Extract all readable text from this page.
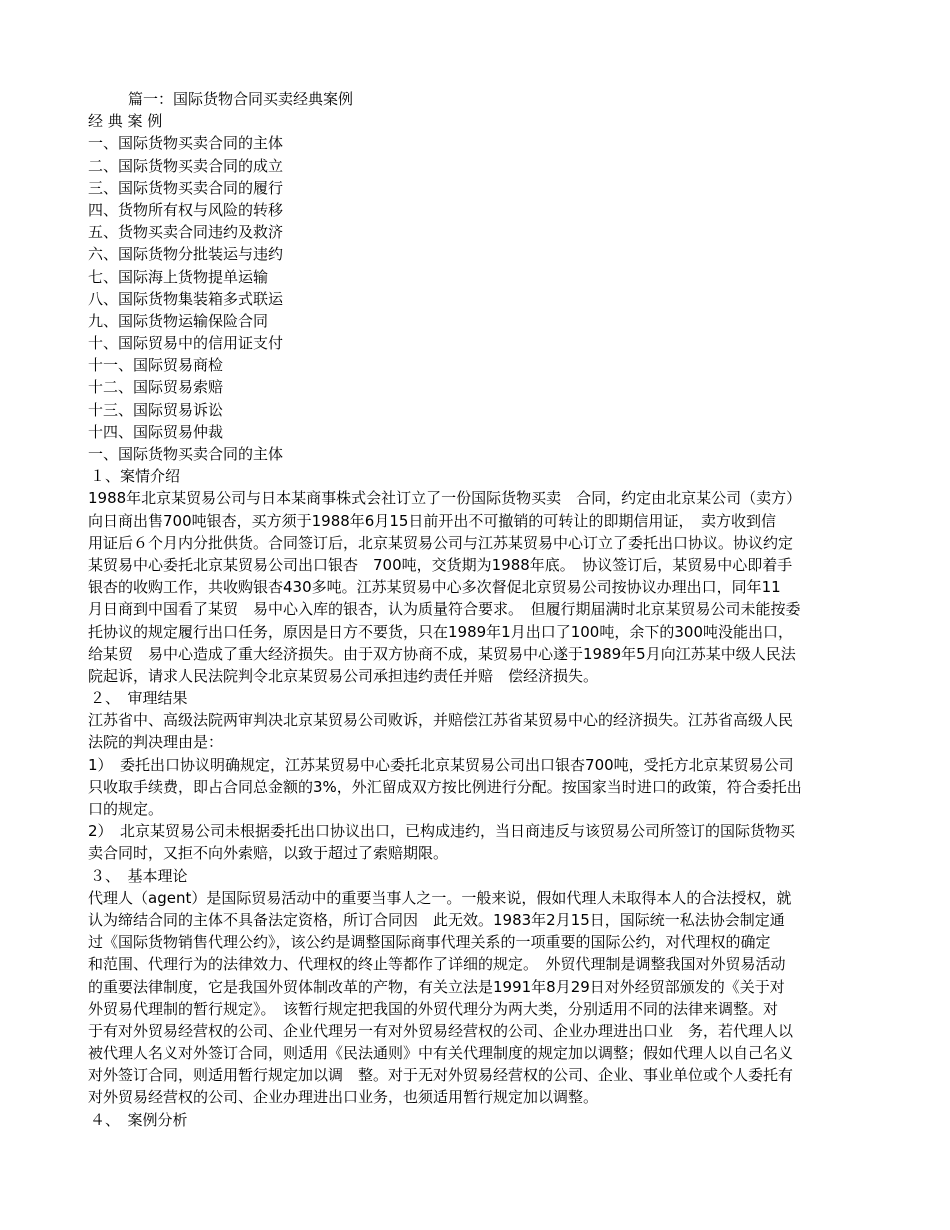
篇一：国际货物合同买卖经典案例
经 典 案 例
一、国际货物买卖合同的主体
二、国际货物买卖合同的成立
三、国际货物买卖合同的履行
四、货物所有权与风险的转移
五、货物买卖合同违约及救济
六、国际货物分批装运与违约
七、国际海上货物提单运输
八、国际货物集装箱多式联运
九、国际货物运输保险合同
十、国际贸易中的信用证支付
十一、国际贸易商检
十二、国际贸易索赔
十三、国际贸易诉讼
十四、国际贸易仲裁
一、国际货物买卖合同的主体
１、案情介绍
1988年北京某贸易公司与日本某商事株式会社订立了一份国际货物买卖　合同，约定由北京某公司（卖方）
向日商出售700吨银杏，买方须于1988年6月15日前开出不可撤销的可转让的即期信用证，　卖方收到信
用证后６个月内分批供货。合同签订后，北京某贸易公司与江苏某贸易中心订立了委托出口协议。协议约定
某贸易中心委托北京某贸易公司出口银杏　700吨，交货期为1988年底。　协议签订后，某贸易中心即着手
银杏的收购工作，共收购银杏430多吨。江苏某贸易中心多次督促北京贸易公司按协议办理出口，同年11
月日商到中国看了某贸　易中心入库的银杏，认为质量符合要求。　但履行期届满时北京某贸易公司未能按委
托协议的规定履行出口任务，原因是日方不要货，只在1989年1月出口了100吨，余下的300吨没能出口，
给某贸　易中心造成了重大经济损失。由于双方协商不成，某贸易中心遂于1989年5月向江苏某中级人民法
院起诉，请求人民法院判令北京某贸易公司承担违约责任并赔　偿经济损失。
２、　审理结果
江苏省中、高级法院两审判决北京某贸易公司败诉，并赔偿江苏省某贸易中心的经济损失。江苏省高级人民
法院的判决理由是：
1）　委托出口协议明确规定，江苏某贸易中心委托北京某贸易公司出口银杏700吨，受托方北京某贸易公司
只收取手续费，即占合同总金额的3%，外汇留成双方按比例进行分配。按国家当时进口的政策，符合委托出
口的规定。
2）　北京某贸易公司未根据委托出口协议出口，已构成违约，当日商违反与该贸易公司所签订的国际货物买
卖合同时，又拒不向外索赔，以致于超过了索赔期限。
３、　基本理论
代理人（agent）是国际贸易活动中的重要当事人之一。一般来说，假如代理人未取得本人的合法授权，就
认为缔结合同的主体不具备法定资格，所订合同因　此无效。1983年2月15日，国际统一私法协会制定通
过《国际货物销售代理公约》，该公约是调整国际商事代理关系的一项重要的国际公约，对代理权的确定
和范围、代理行为的法律效力、代理权的终止等都作了详细的规定。　外贸代理制是调整我国对外贸易活动
的重要法律制度，它是我国外贸体制改革的产物，有关立法是1991年8月29日对外经贸部颁发的《关于对
外贸易代理制的暂行规定》。　该暂行规定把我国的外贸代理分为两大类，分别适用不同的法律来调整。对
于有对外贸易经营权的公司、企业代理另一有对外贸易经营权的公司、企业办理进出口业　务，若代理人以
被代理人名义对外签订合同，则适用《民法通则》中有关代理制度的规定加以调整；假如代理人以自己名义
对外签订合同，则适用暂行规定加以调　整。对于无对外贸易经营权的公司、企业、事业单位或个人委托有
对外贸易经营权的公司、企业办理进出口业务，也须适用暂行规定加以调整。
４、　案例分析
